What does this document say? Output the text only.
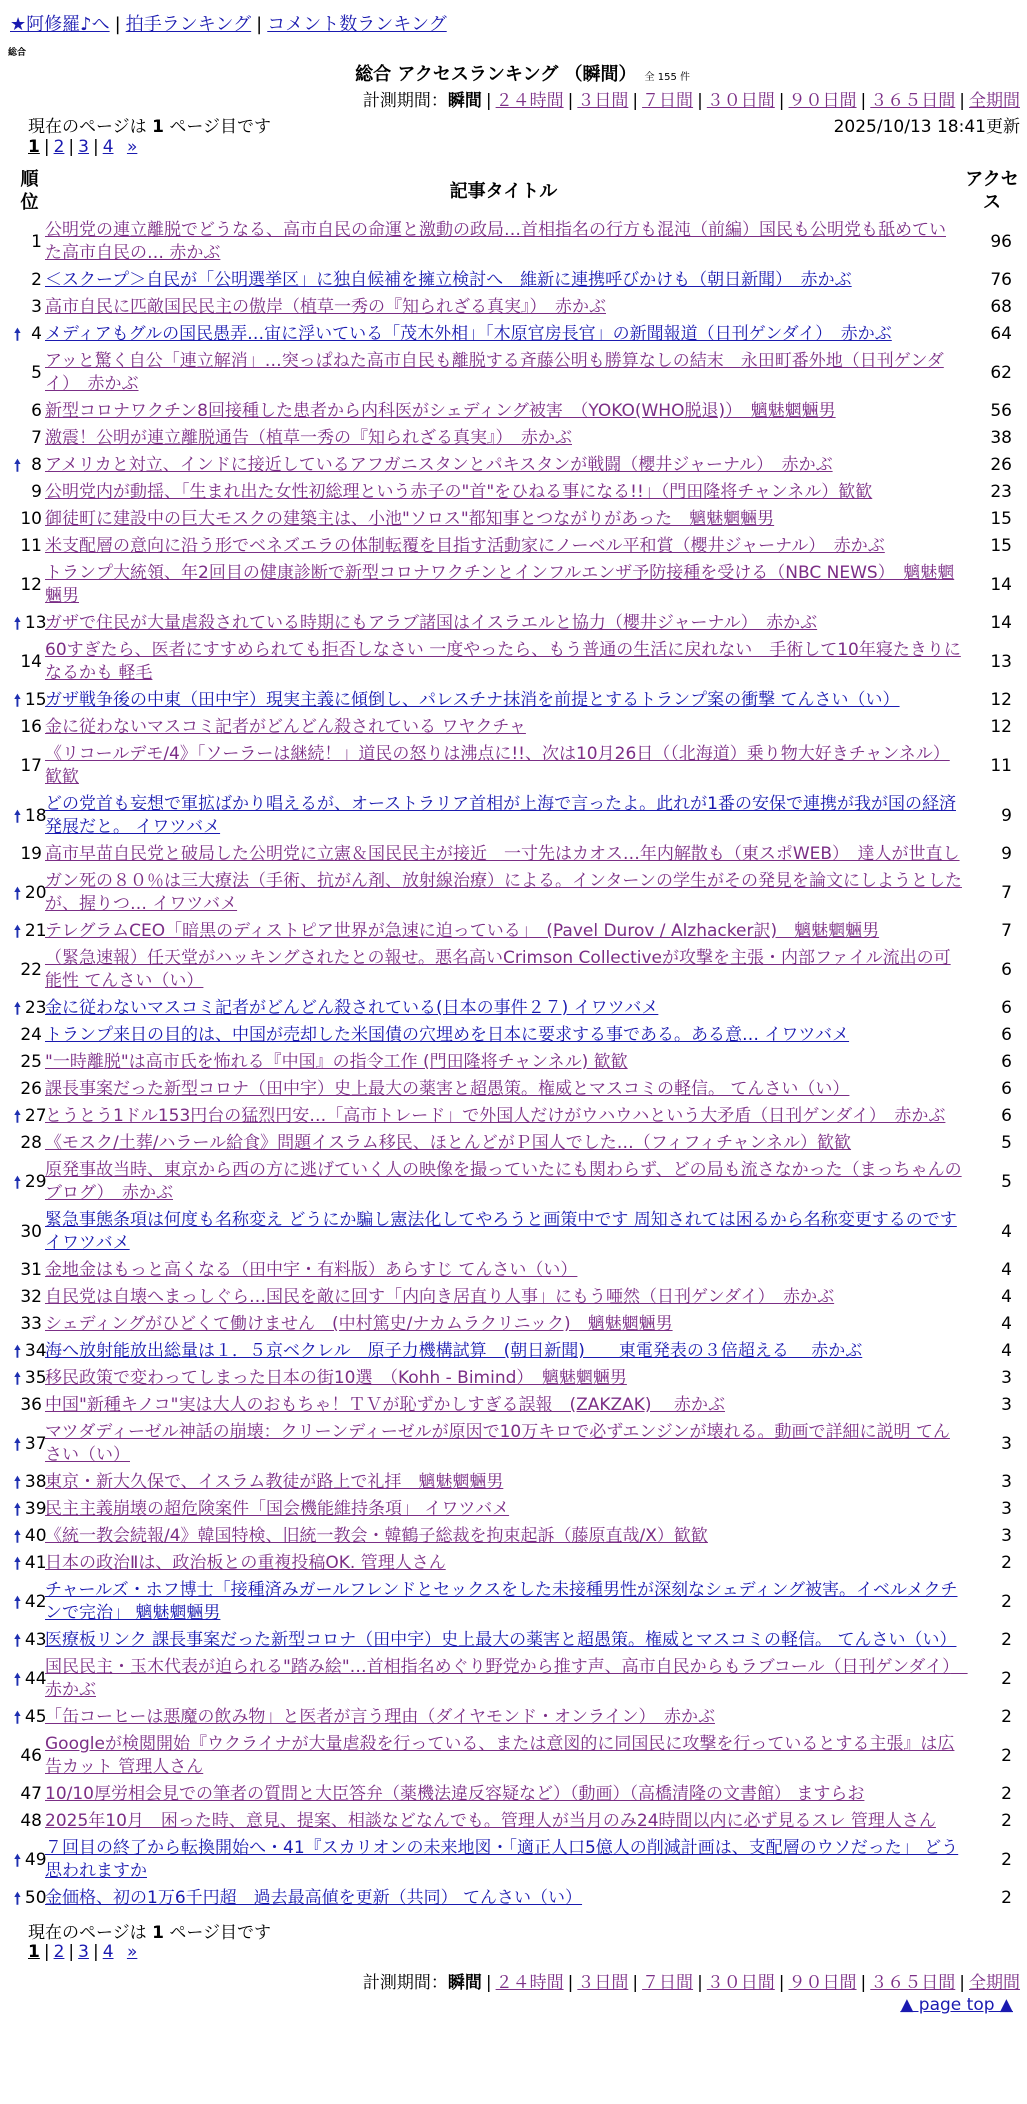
★阿修羅♪へ | 拍手ランキング | コメント数ランキング
総合
総合 アクセスランキング （瞬間） 全 155 件
計測期間：瞬間 | ２４時間 | ３日間 | ７日間 | ３０日間 | ９０日間 | ３６５日間 | 全期間
現在のページは 1 ページ目です	2025/10/13 18:41更新
1 | 2 | 3 | 4 »
順位	記事タイトル	アクセス
1	公明党の連立離脱でどうなる、高市自民の命運と激動の政局…首相指名の行方も混沌（前編）国民も公明党も舐めていた高市自民の… 赤かぶ	96
2	＜スクープ＞自民が「公明選挙区」に独自候補を擁立検討へ　維新に連携呼びかけも（朝日新聞）　赤かぶ	76
3	高市自民に匹敵国民民主の傲岸（植草一秀の『知られざる真実』）　赤かぶ	68

🠕 4	メディアもグルの国民愚弄…宙に浮いている「茂木外相」「木原官房長官」の新聞報道（日刊ゲンダイ）　赤かぶ	64
5	アッと驚く自公「連立解消」…突っぱねた高市自民も離脱する斉藤公明も勝算なしの結末　永田町番外地（日刊ゲンダイ）　赤かぶ	62
6	新型コロナワクチン8回接種した患者から内科医がシェディング被害　（YOKO(WHO脱退)）　魑魅魍魎男	56
7	激震！公明が連立離脱通告（植草一秀の『知られざる真実』）　赤かぶ	38

🠕 8	アメリカと対立、インドに接近しているアフガニスタンとパキスタンが戦闘（櫻井ジャーナル）　赤かぶ	26
9	公明党内が動揺、「生まれ出た女性初総理という赤子の"首"をひねる事になる!!」（門田隆将チャンネル）歓歓	23
10	御徒町に建設中の巨大モスクの建築主は、小池"ソロス"都知事とつながりがあった　魑魅魍魎男	15
11	米支配層の意向に沿う形でベネズエラの体制転覆を目指す活動家にノーベル平和賞（櫻井ジャーナル）　赤かぶ	15
12	トランプ大統領、年2回目の健康診断で新型コロナワクチンとインフルエンザ予防接種を受ける（NBC NEWS）　魑魅魍魎男	14

🠕 13	ガザで住民が大量虐殺されている時期にもアラブ諸国はイスラエルと協力（櫻井ジャーナル）　赤かぶ	14
14	60すぎたら、医者にすすめられても拒否しなさい 一度やったら、もう普通の生活に戻れない　手術して10年寝たきりになるかも 軽毛	13

🠕 15	ガザ戦争後の中東（田中宇）現実主義に傾倒し、パレスチナ抹消を前提とするトランプ案の衝撃 てんさい（い）	12
16	金に従わないマスコミ記者がどんどん殺されている ワヤクチャ	12
17	《リコールデモ/4》「ソーラーは継続！」道民の怒りは沸点に!!、次は10月26日（（北海道）乗り物大好きチャンネル）歓歓	11

🠕 18	どの党首も妄想で軍拡ばかり唱えるが、オーストラリア首相が上海で言ったよ。此れが1番の安保で連携が我が国の経済発展だと。 イワツバメ	9
19	高市早苗自民党と破局した公明党に立憲＆国民民主が接近　一寸先はカオス…年内解散も（東スポWEB）　達人が世直し	9

🠕 20	ガン死の８０％は三大療法（手術、抗がん剤、放射線治療）による。インターンの学生がその発見を論文にしようとしたが、握りつ… イワツバメ	7

🠕 21	テレグラムCEO「暗黒のディストピア世界が急速に迫っている」　(Pavel Durov / Alzhacker訳)　魑魅魍魎男	7
22	（緊急速報）任天堂がハッキングされたとの報せ。悪名高いCrimson Collectiveが攻撃を主張・内部ファイル流出の可能性 てんさい（い）	6

🠕 23	金に従わないマスコミ記者がどんどん殺されている(日本の事件２７) イワツバメ	6
24	トランプ来日の目的は、中国が売却した米国債の穴埋めを日本に要求する事である。ある意… イワツバメ	6
25	"一時離脱"は高市氏を怖れる『中国』の指令工作 (門田隆将チャンネル) 歓歓	6
26	課長事案だった新型コロナ（田中宇）史上最大の薬害と超愚策。権威とマスコミの軽信。 てんさい（い）	6

🠕 27	とうとう1ドル153円台の猛烈円安…「高市トレード」で外国人だけがウハウハという大矛盾（日刊ゲンダイ）　赤かぶ	6
28	《モスク/土葬/ハラール給食》問題イスラム移民、ほとんどがＰ国人でした…（フィフィチャンネル）歓歓	5

🠕 29	原発事故当時、東京から西の方に逃げていく人の映像を撮っていたにも関わらず、どの局も流さなかった（まっちゃんのブログ）　赤かぶ	5
30	緊急事態条項は何度も名称変え どうにか騙し憲法化してやろうと画策中です 周知されては困るから名称変更するのです イワツバメ	4
31	金地金はもっと高くなる（田中宇・有料版）あらすじ てんさい（い）	4
32	自民党は自壊へまっしぐら…国民を敵に回す「内向き居直り人事」にもう唖然（日刊ゲンダイ）　赤かぶ	4
33	シェディングがひどくて働けません　(中村篤史/ナカムラクリニック)　魑魅魍魎男	4

🠕 34	海へ放射能放出総量は１．５京ベクレル　原子力機構試算　(朝日新聞)　　東電発表の３倍超える　 赤かぶ	4

🠕 35	移民政策で変わってしまった日本の街10選　（Kohh - Bimind）　魑魅魍魎男	3
36	中国"新種キノコ"実は大人のおもちゃ！ＴＶが恥ずかしすぎる誤報　(ZAKZAK)　 赤かぶ	3

🠕 37	マツダディーゼル神話の崩壊：クリーンディーゼルが原因で10万キロで必ずエンジンが壊れる。動画で詳細に説明 てんさい（い）	3

🠕 38	東京・新大久保で、イスラム教徒が路上で礼拝　魑魅魍魎男	3

🠕 39	民主主義崩壊の超危険案件「国会機能維持条項」 イワツバメ	3

🠕 40	《統一教会続報/4》韓国特検、旧統一教会・韓鶴子総裁を拘束起訴（藤原直哉/X）歓歓	3

🠕 41	日本の政治Ⅱは、政治板との重複投稿OK. 管理人さん	2

🠕 42	チャールズ・ホフ博士「接種済みガールフレンドとセックスをした未接種男性が深刻なシェディング被害。イベルメクチンで完治」 魑魅魍魎男	2

🠕 43	医療板リンク 課長事案だった新型コロナ（田中宇）史上最大の薬害と超愚策。権威とマスコミの軽信。 てんさい（い）	2

🠕 44	国民民主・玉木代表が迫られる"踏み絵"…首相指名めぐり野党から推す声、高市自民からもラブコール（日刊ゲンダイ）　赤かぶ	2

🠕 45	「缶コーヒーは悪魔の飲み物」と医者が言う理由（ダイヤモンド・オンライン）　赤かぶ	2
46	Googleが検閲開始『ウクライナが大量虐殺を行っている、または意図的に同国民に攻撃を行っているとする主張』は広告カット 管理人さん	2
47	10/10厚労相会見での筆者の質問と大臣答弁（薬機法違反容疑など）（動画）（高橋清隆の文書館） ますらお	2
48	2025年10月　困った時、意見、提案、相談などなんでも。管理人が当月のみ24時間以内に必ず見るスレ 管理人さん	2

🠕 49	７回目の終了から転換開始へ・41『スカリオンの未来地図・「適正人口5億人の削減計画は、支配層のウソだった」 どう思われますか	2

🠕 50	金価格、初の1万6千円超　過去最高値を更新（共同） てんさい（い）	2
現在のページは 1 ページ目です
1 | 2 | 3 | 4 »
計測期間：瞬間 | ２４時間 | ３日間 | ７日間 | ３０日間 | ９０日間 | ３６５日間 | 全期間
▲ page top ▲
